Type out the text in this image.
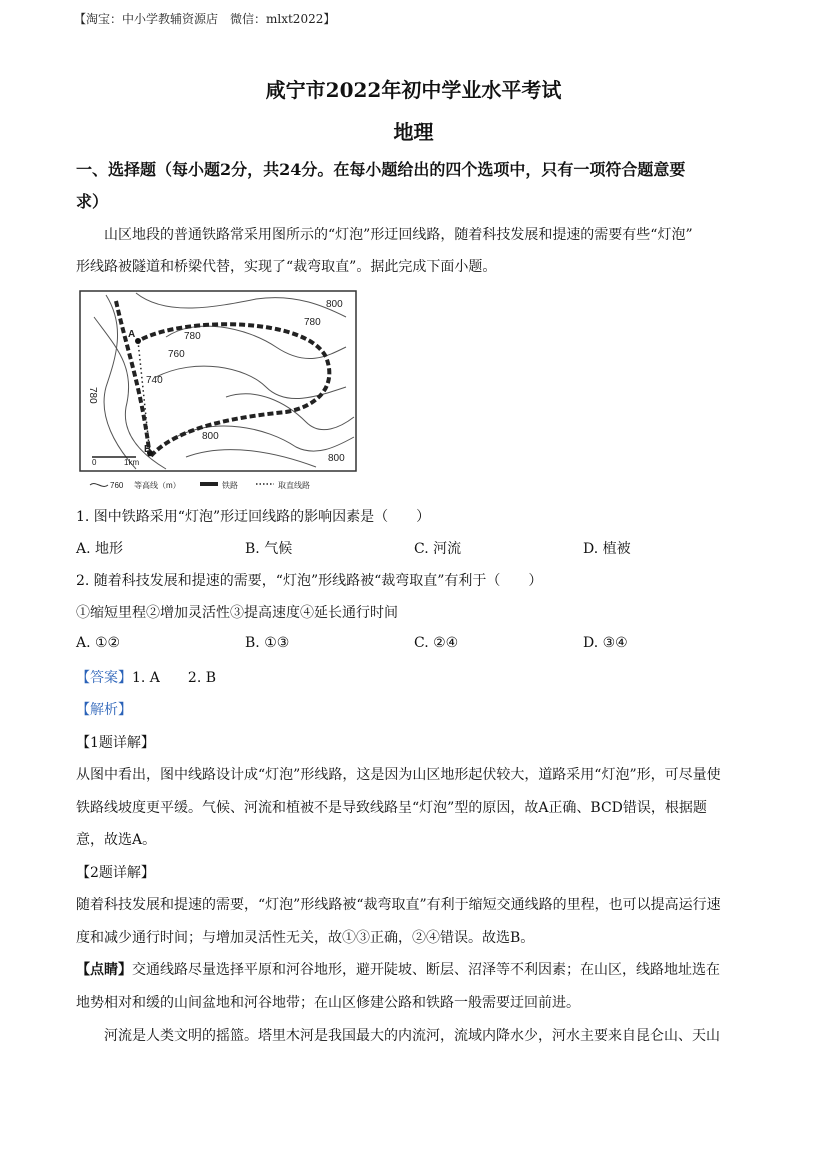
【淘宝：中小学教辅资源店　微信：mlxt2022】
咸宁市2022年初中学业水平考试
地理
一、选择题（每小题2分，共24分。在每小题给出的四个选项中，只有一项符合题意要
求）
山区地段的普通铁路常采用图所示的“灯泡”形迂回线路，随着科技发展和提速的需要有些“灯泡”
形线路被隧道和桥梁代替，实现了“裁弯取直”。据此完成下面小题。
800
780
780
760
740
780
800
800
A
B
0	1km
760 等高线（m）	铁路	取直线路
1. 图中铁路采用“灯泡”形迂回线路的影响因素是（　　）
A. 地形	B. 气候	C. 河流	D. 植被
2. 随着科技发展和提速的需要，“灯泡”形线路被“裁弯取直”有利于（　　）
①缩短里程②增加灵活性③提高速度④延长通行时间
A. ①②	B. ①③	C. ②④	D. ③④
【答案】1. A　　2. B
【解析】
【1题详解】
从图中看出，图中线路设计成“灯泡”形线路，这是因为山区地形起伏较大，道路采用“灯泡”形，可尽量使
铁路线坡度更平缓。气候、河流和植被不是导致线路呈“灯泡”型的原因，故A正确、BCD错误，根据题
意，故选A。
【2题详解】
随着科技发展和提速的需要，“灯泡”形线路被“裁弯取直”有利于缩短交通线路的里程，也可以提高运行速
度和减少通行时间；与增加灵活性无关，故①③正确，②④错误。故选B。
【点睛】交通线路尽量选择平原和河谷地形，避开陡坡、断层、沼泽等不利因素；在山区，线路地址选在
地势相对和缓的山间盆地和河谷地带；在山区修建公路和铁路一般需要迂回前进。
河流是人类文明的摇篮。塔里木河是我国最大的内流河，流域内降水少，河水主要来自昆仑山、天山
